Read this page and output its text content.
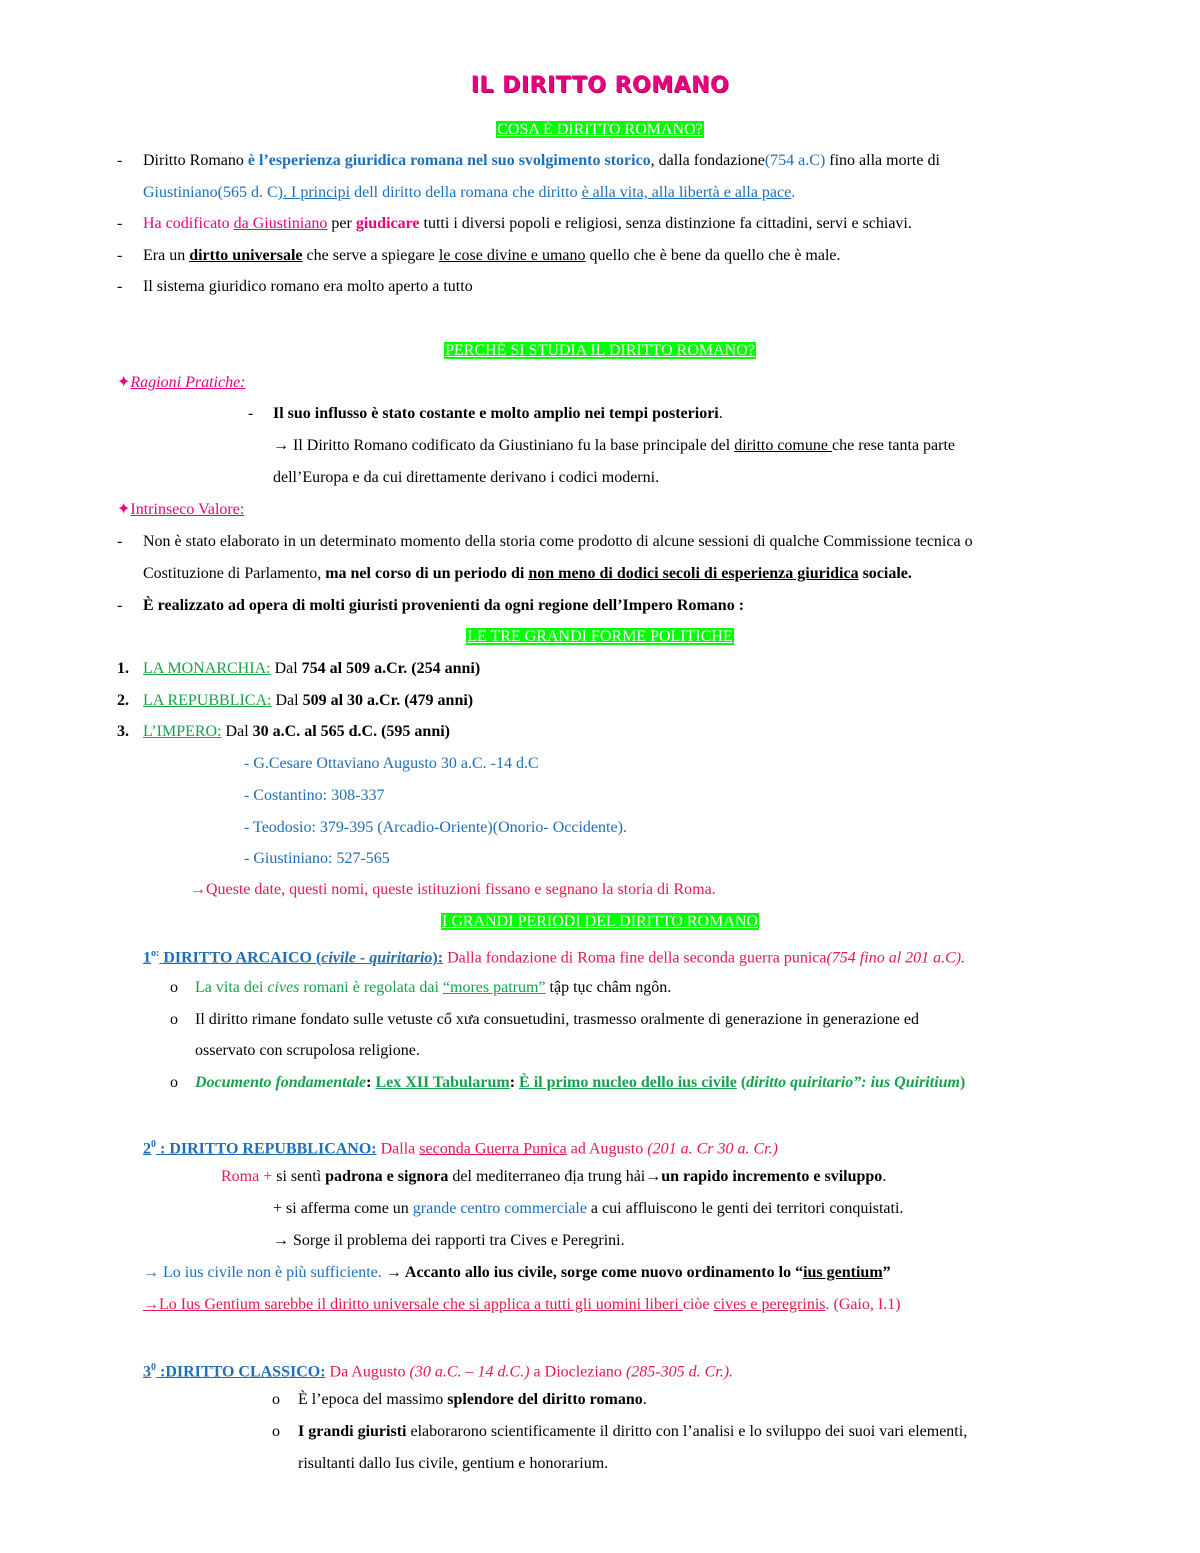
IL DIRITTO ROMANO
COSA È DIRITTO ROMANO?
- Diritto Romano è l’esperienza giuridica romana nel suo svolgimento storico, dalla fondazione(754 a.C) fino alla morte di
Giustiniano(565 d. C). I principi dell diritto della romana che diritto è alla vita, alla libertà e alla pace.
- Ha codificato da Giustiniano per giudicare tutti i diversi popoli e religiosi, senza distinzione fa cittadini, servi e schiavi.
- Era un dirtto universale che serve a spiegare le cose divine e umano quello che è bene da quello che è male.
- Il sistema giuridico romano era molto aperto a tutto
PERCHÉ SI STUDIA IL DIRITTO ROMANO?
✦Ragioni Pratiche:
- Il suo influsso è stato costante e molto amplio nei tempi posteriori.
→ Il Diritto Romano codificato da Giustiniano fu la base principale del diritto comune che rese tanta parte
dell’Europa e da cui direttamente derivano i codici moderni.
✦Intrinseco Valore:
- Non è stato elaborato in un determinato momento della storia come prodotto di alcune sessioni di qualche Commissione tecnica o
Costituzione di Parlamento, ma nel corso di un periodo di non meno di dodici secoli di esperienza giuridica sociale.
- È realizzato ad opera di molti giuristi provenienti da ogni regione dell’Impero Romano :
LE TRE GRANDI FORME POLITICHE
1. LA MONARCHIA: Dal 754 al 509 a.Cr. (254 anni)
2. LA REPUBBLICA: Dal 509 al 30 a.Cr. (479 anni)
3. L’IMPERO: Dal 30 a.C. al 565 d.C. (595 anni)
- G.Cesare Ottaviano Augusto 30 a.C. -14 d.C
- Costantino: 308-337
- Teodosio: 379-395 (Arcadio-Oriente)(Onorio- Occidente).
- Giustiniano: 527-565
→Queste date, questi nomi, queste istituzioni fissano e segnano la storia di Roma.
I GRANDI PERIODI DEL DIRITTO ROMANO
$1^{o:}$ DIRITTO ARCAICO (civile - quiritario): Dalla fondazione di Roma fine della seconda guerra punica(754 fino al 201 a.C).
o La vita dei cives romani è regolata dai “mores patrum” tập tục châm ngôn.
o Il diritto rimane fondato sulle vetuste cổ xưa consuetudini, trasmesso oralmente di generazione in generazione ed
osservato con scrupolosa religione.
o Documento fondamentale: Lex XII Tabularum: È il primo nucleo dello ius civile (diritto quiritario”: ius Quiritium)
$2^0$ : DIRITTO REPUBBLICANO: Dalla seconda Guerra Punica ad Augusto (201 a. Cr 30 a. Cr.)
Roma + si sentì padrona e signora del mediterraneo địa trung hải→un rapido incremento e sviluppo.
+ si afferma come un grande centro commerciale a cui affluiscono le genti dei territori conquistati.
→ Sorge il problema dei rapporti tra Cives e Peregrini.
→ Lo ius civile non è più sufficiente. → Accanto allo ius civile, sorge come nuovo ordinamento lo “ius gentium”
→Lo Ius Gentium sarebbe il diritto universale che si applica a tutti gli uomini liberi ciòe cives e peregrinis. (Gaio, I.1)
$3^0$ :DIRITTO CLASSICO: Da Augusto (30 a.C. – 14 d.C.) a Diocleziano (285-305 d. Cr.).
o È l’epoca del massimo splendore del diritto romano.
o I grandi giuristi elaborarono scientificamente il diritto con l’analisi e lo sviluppo dei suoi vari elementi,
risultanti dallo Ius civile, gentium e honorarium.
